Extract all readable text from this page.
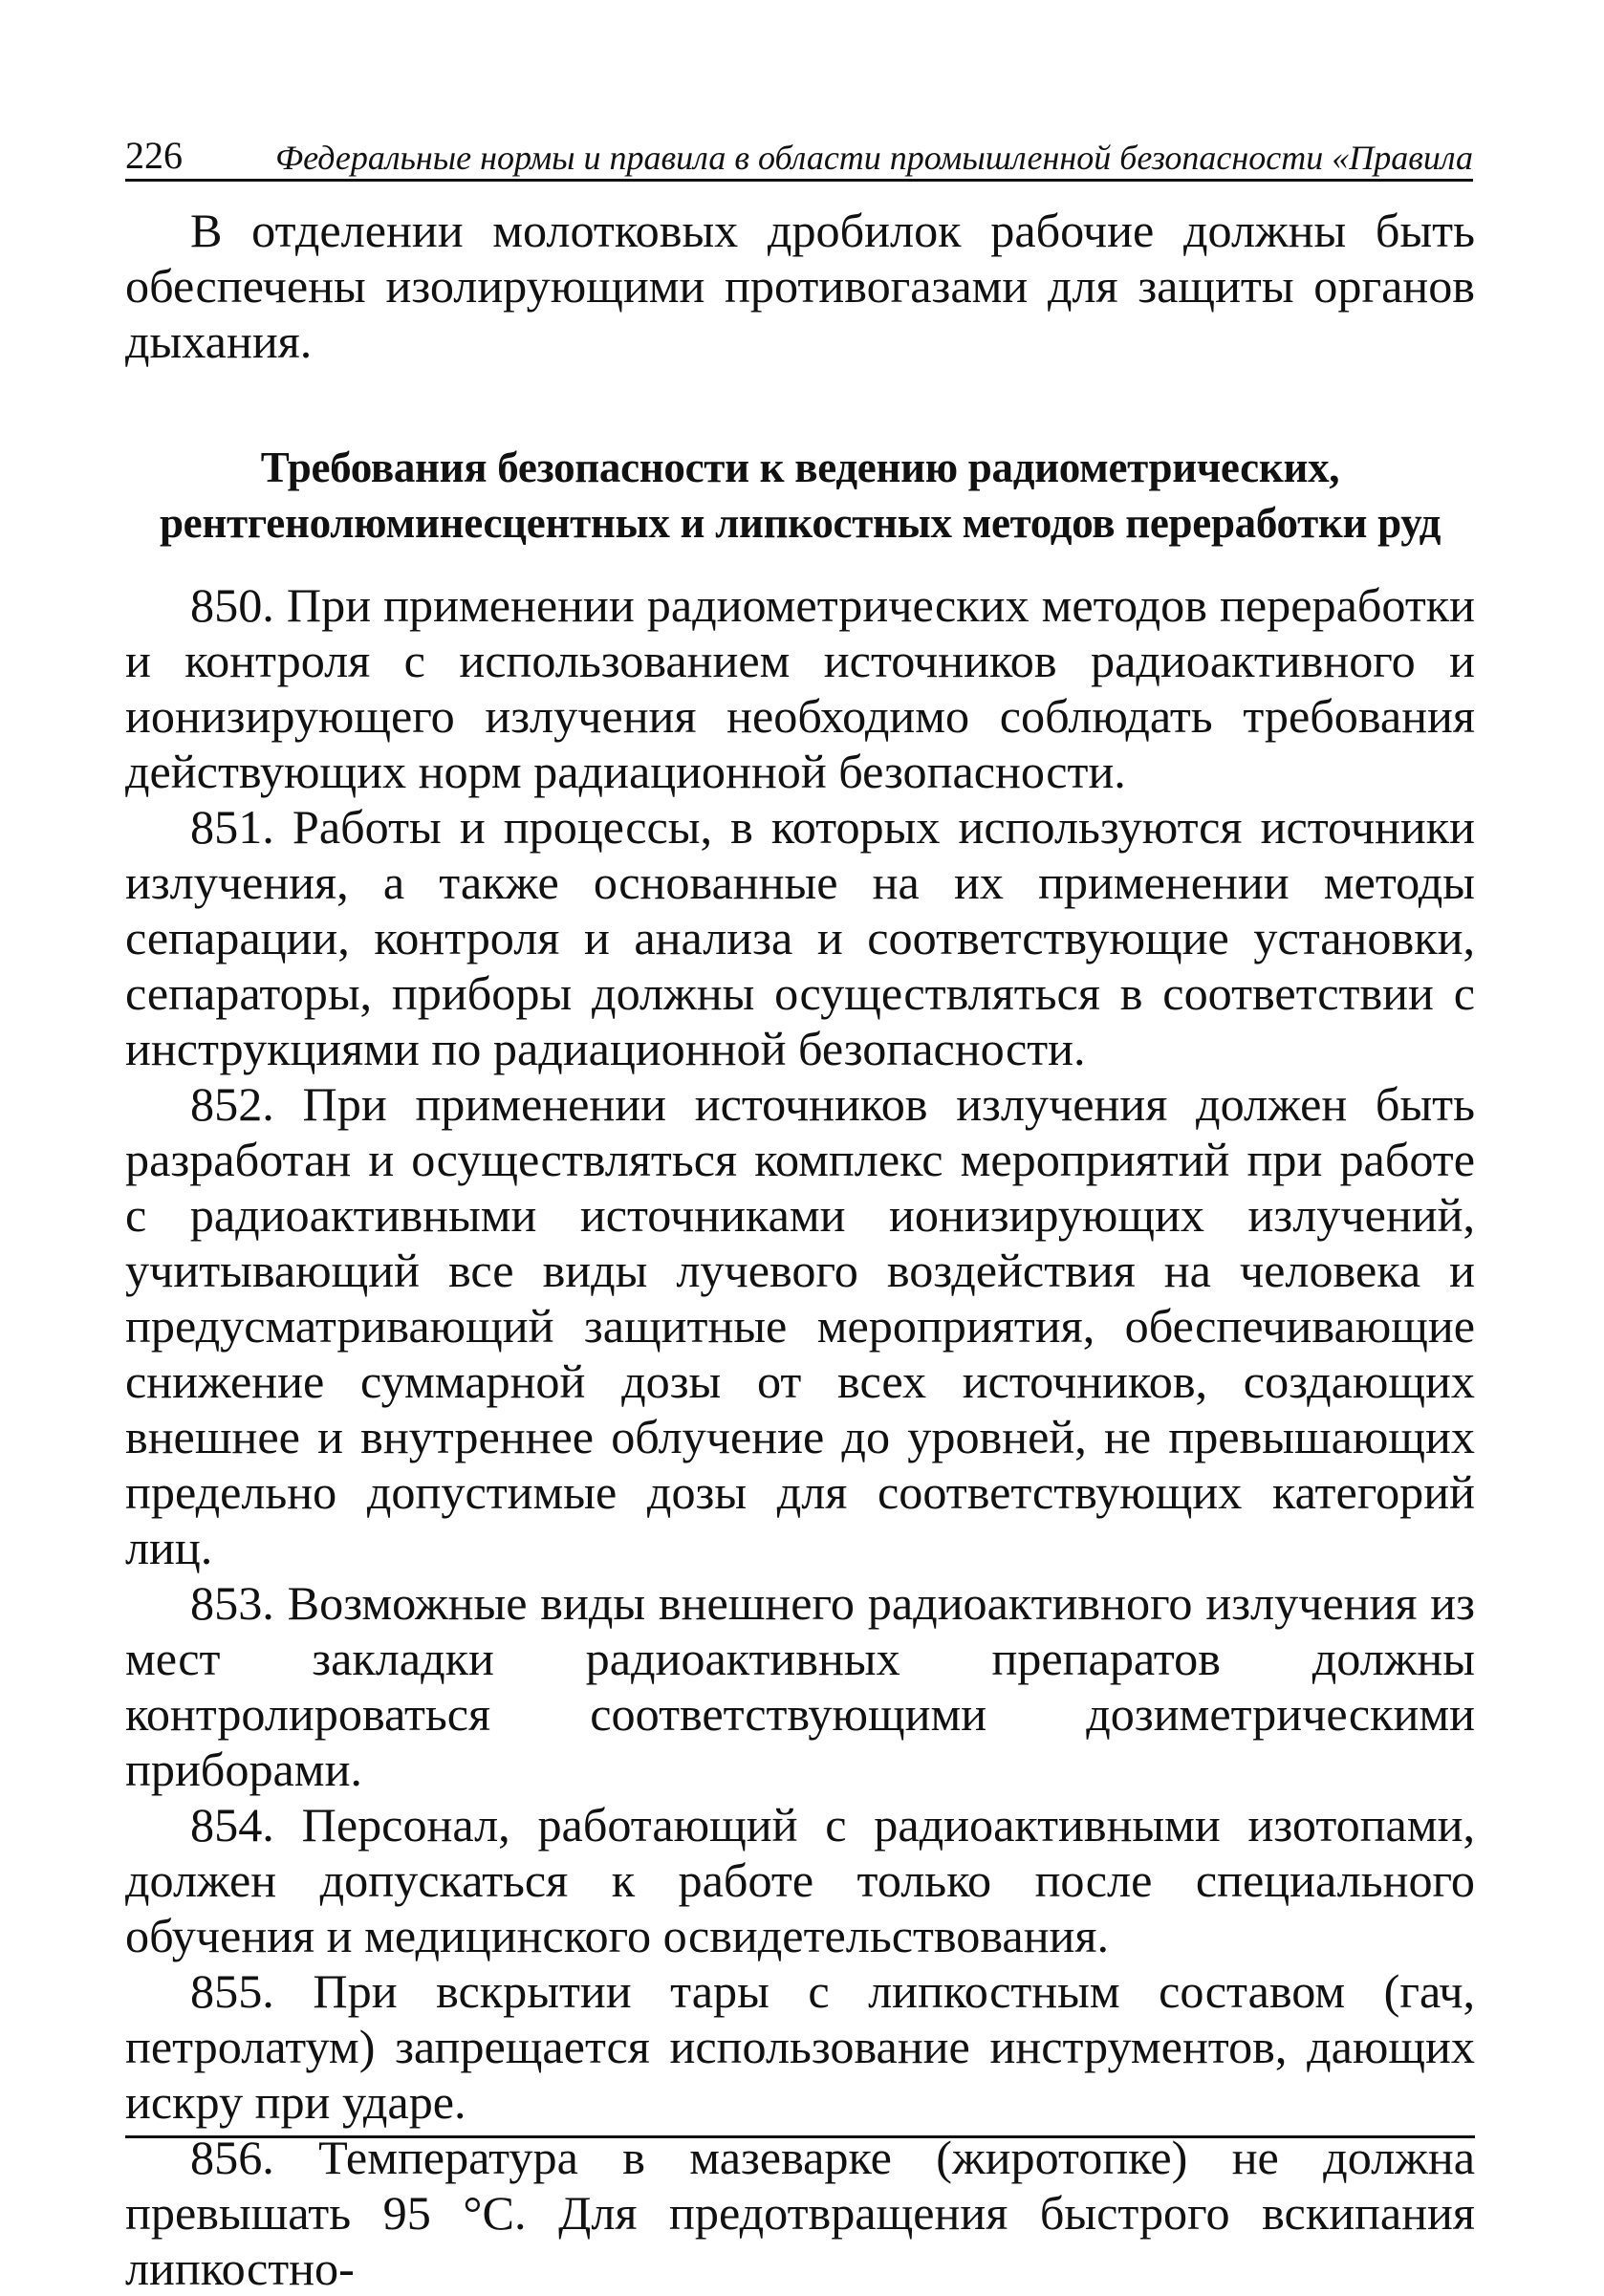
226	Федеральные нормы и правила в области промышленной безопасности «Правила

В отделении молотковых дробилок рабочие должны быть обеспечены изолирующими противогазами для защиты органов дыхания.

Требования безопасности к ведению радиометрических,
рентгенолюминесцентных и липкостных методов переработки руд

850. При применении радиометрических методов переработки и контроля с использованием источников радиоактивного и ионизирующего излучения необходимо соблюдать требования действующих норм радиационной безопасности.

851. Работы и процессы, в которых используются источники излучения, а также основанные на их применении методы сепарации, контроля и анализа и соответствующие установки, сепараторы, приборы должны осуществляться в соответствии с инструкциями по радиационной безопасности.

852. При применении источников излучения должен быть разработан и осуществляться комплекс мероприятий при работе с радиоактивными источниками ионизирующих излучений, учитывающий все виды лучевого воздействия на человека и предусматривающий защитные мероприятия, обеспечивающие снижение суммарной дозы от всех источников, создающих внешнее и внутреннее облучение до уровней, не превышающих предельно допустимые дозы для соответствующих категорий лиц.

853. Возможные виды внешнего радиоактивного излучения из мест закладки радиоактивных препаратов должны контролироваться соответствующими дозиметрическими приборами.

854. Персонал, работающий с радиоактивными изотопами, должен допускаться к работе только после специального обучения и медицинского освидетельствования.

855. При вскрытии тары с липкостным составом (гач, петролатум) запрещается использование инструментов, дающих искру при ударе.

856. Температура в мазеварке (жиротопке) не должна превышать 95 °С. Для предотвращения быстрого вскипания липкостно-
